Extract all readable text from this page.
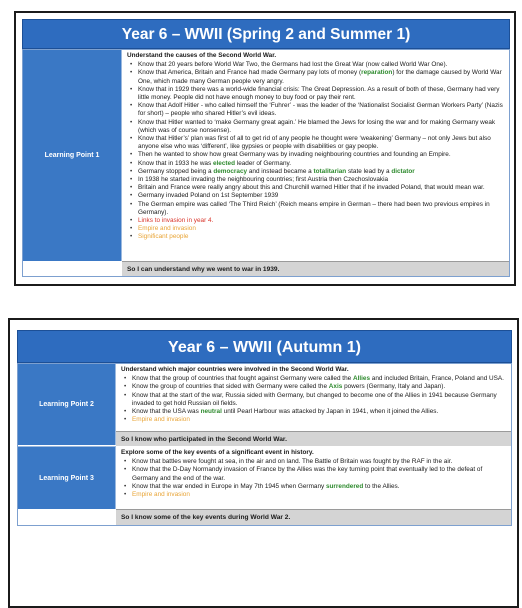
Year 6 – WWII (Spring 2 and Summer 1)
Learning Point 1
Understand the causes of the Second World War.
• Know that 20 years before World War Two, the Germans had lost the Great War (now called World War One).
• Know that America, Britain and France had made Germany pay lots of money (reparation) for the damage caused by World War One, which made many German people very angry.
• Know that in 1929 there was a world-wide financial crisis: The Great Depression. As a result of both of these, Germany had very little money. People did not have enough money to buy food or pay their rent.
• Know that Adolf Hitler - who called himself the ‘Fuhrer’ - was the leader of the ‘Nationalist Socialist German Workers Party’ (Nazis for short) – people who shared Hitler’s evil ideas.
• Know that Hitler wanted to ‘make Germany great again.’ He blamed the Jews for losing the war and for making Germany weak (which was of course nonsense).
• Know that Hitler’s’ plan was first of all to get rid of any people he thought were ‘weakening’ Germany – not only Jews but also anyone else who was ‘different’, like gypsies or people with disabilities or gay people.
• Then he wanted to show how great Germany was by invading neighbouring countries and founding an Empire.
• Know that in 1933 he was elected leader of Germany.
• Germany stopped being a democracy and instead became a totalitarian state lead by a dictator
• In 1938 he started invading the neighbouring countries; first Austria then Czechoslovakia
• Britain and France were really angry about this and Churchill warned Hitler that if he invaded Poland, that would mean war.
• Germany invaded Poland on 1st September 1939
• The German empire was called ‘The Third Reich’ (Reich means empire in German – there had been two previous empires in Germany).
• Links to invasion in year 4.
• Empire and invasion
• Significant people
So I can understand why we went to war in 1939.
Year 6 – WWII (Autumn 1)
Learning Point 2
Understand which major countries were involved in the Second World War.
• Know that the group of countries that fought against Germany were called the Allies and included Britain, France, Poland and USA.
• Know the group of countries that sided with Germany were called the Axis powers (Germany, Italy and Japan).
• Know that at the start of the war, Russia sided with Germany, but changed to become one of the Allies in 1941 because Germany invaded to get hold Russian oil fields.
• Know that the USA was neutral until Pearl Harbour was attacked by Japan in 1941, when it joined the Allies.
• Empire and invasion
So I know who participated in the Second World War.
Learning Point 3
Explore some of the key events of a significant event in history.
• Know that battles were fought at sea, in the air and on land. The Battle of Britain was fought by the RAF in the air.
• Know that the D-Day Normandy invasion of France by the Allies was the key turning point that eventually led to the defeat of Germany and the end of the war.
• Know that the war ended in Europe in May 7th 1945 when Germany surrendered to the Allies.
• Empire and invasion
So I know some of the key events during World War 2.
